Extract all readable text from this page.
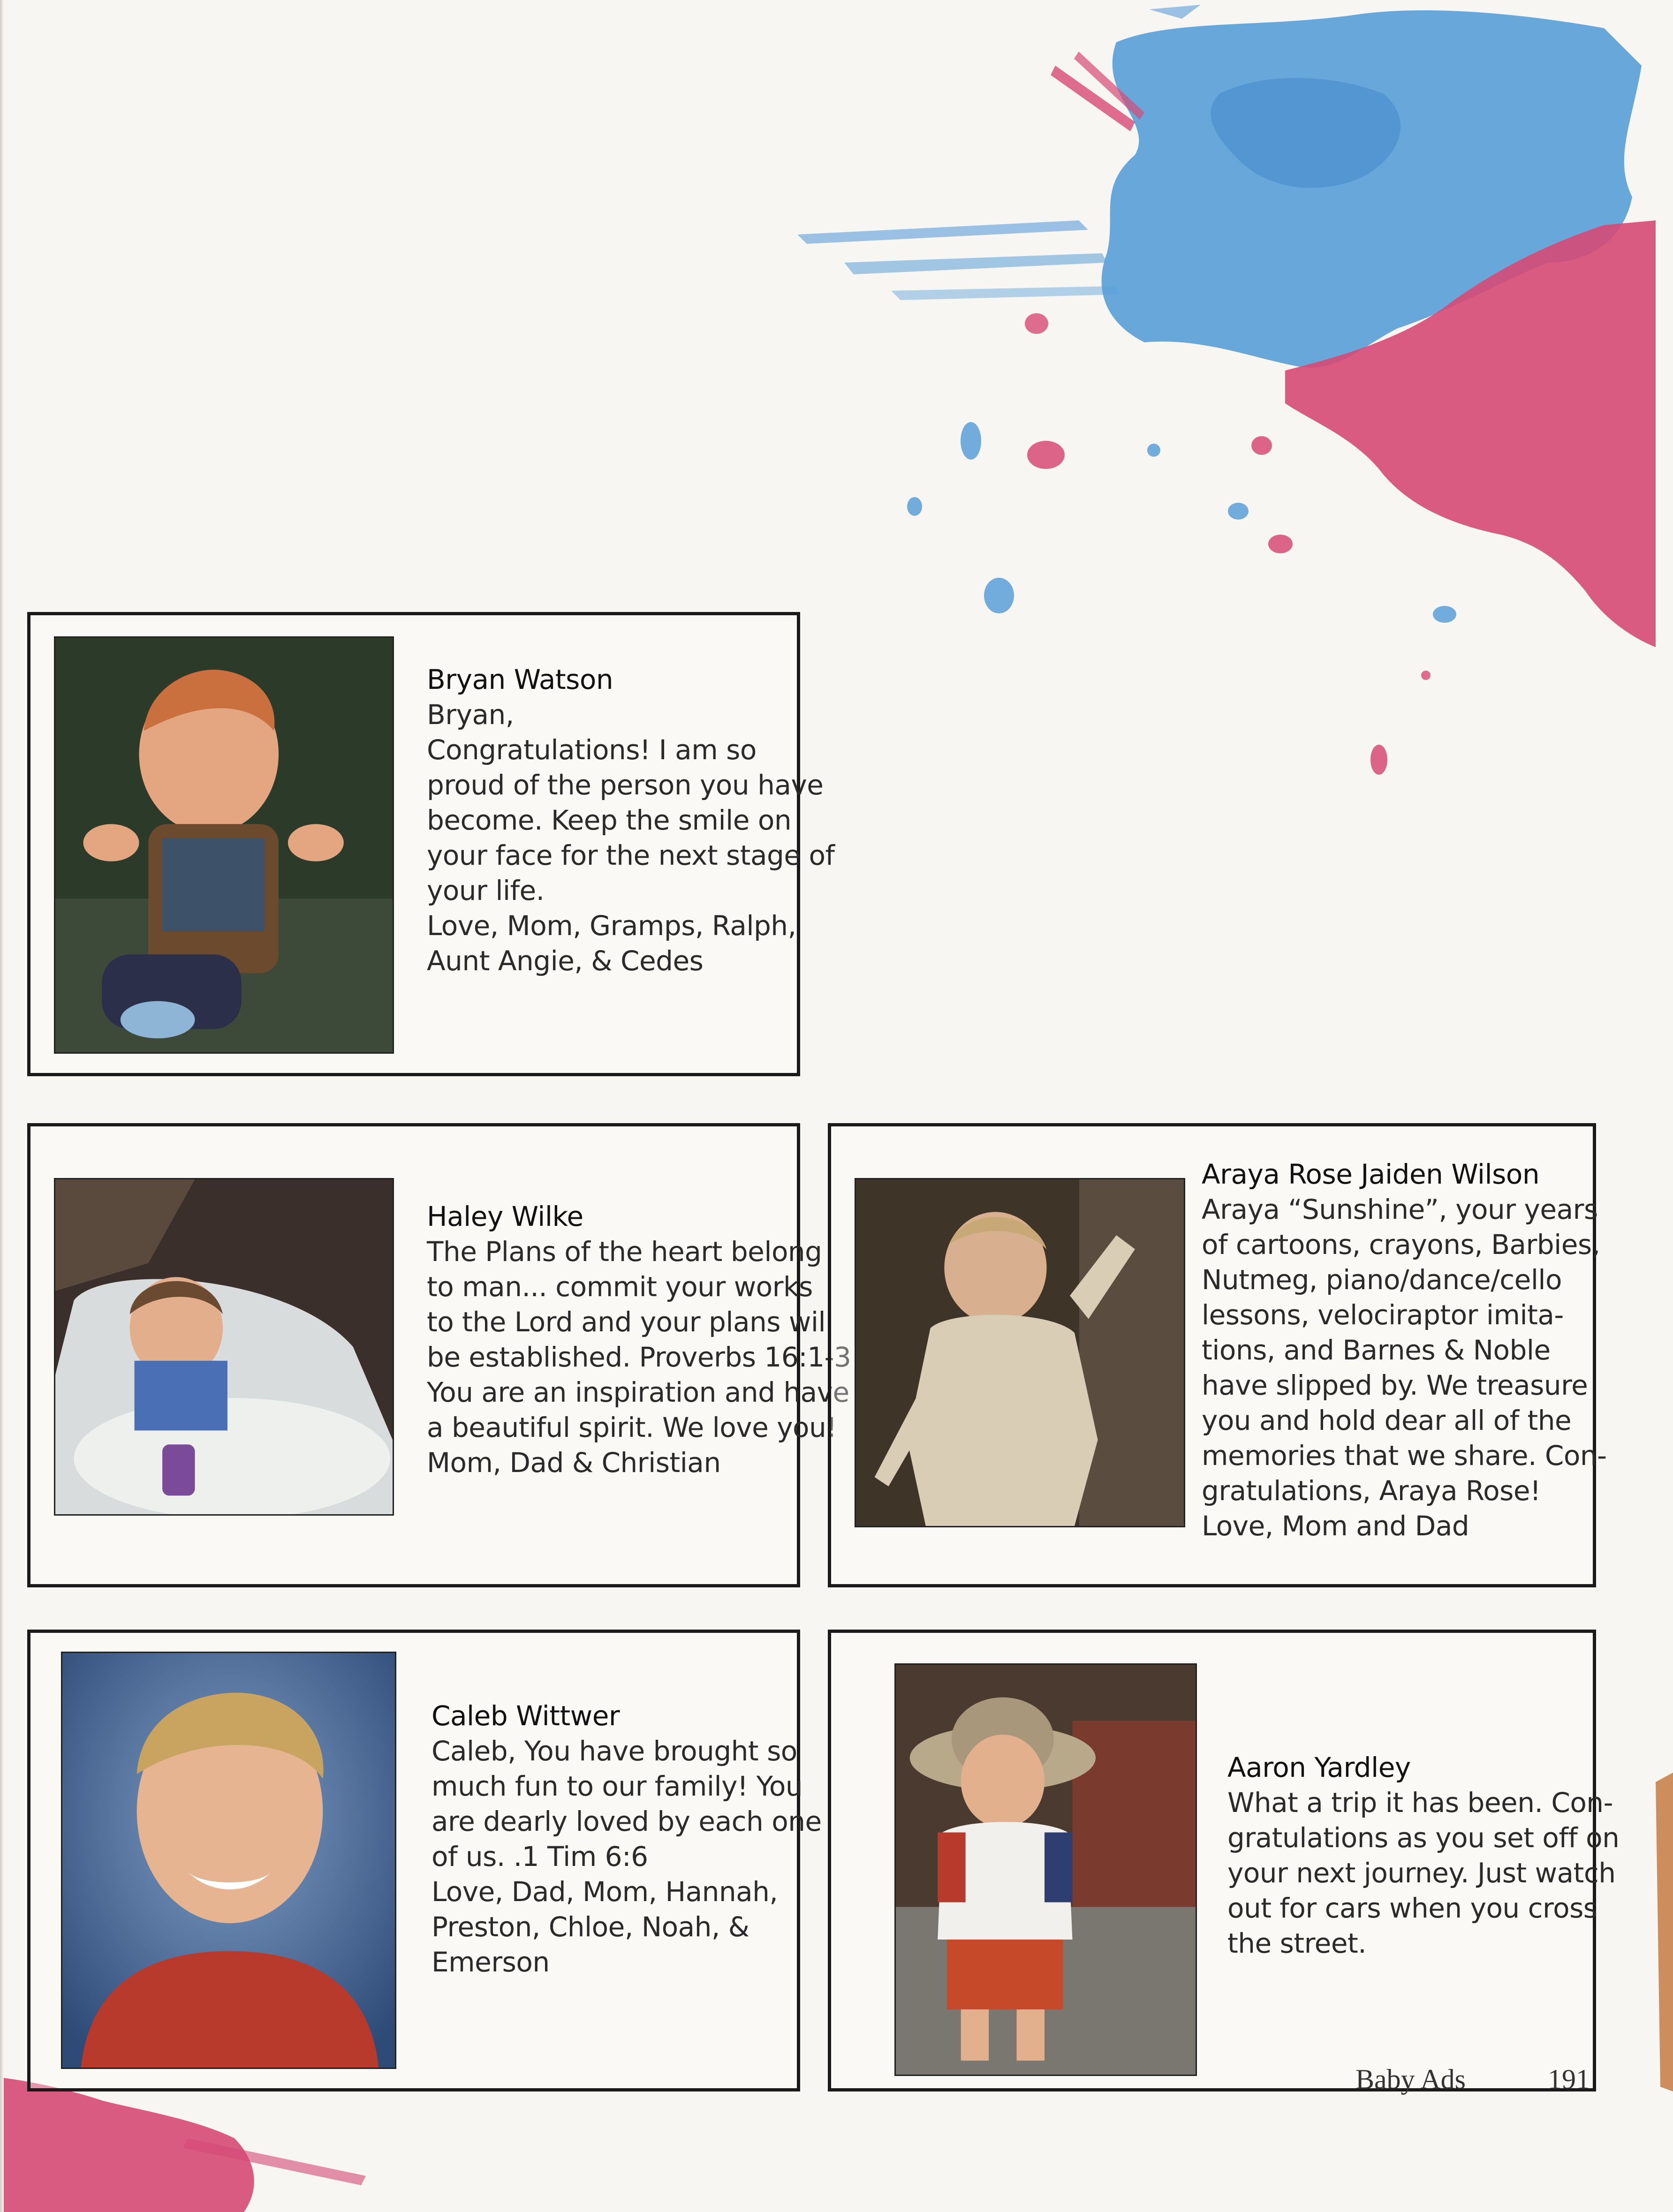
Bryan Watson
Bryan,
Congratulations! I am so
proud of the person you have
become. Keep the smile on
your face for the next stage of
your life.
Love, Mom, Gramps, Ralph,
Aunt Angie, & Cedes
Haley Wilke
The Plans of the heart belong
to man... commit your works
to the Lord and your plans will
be established. Proverbs 16:1-3
You are an inspiration and have
a beautiful spirit. We love you!
Mom, Dad & Christian
Araya Rose Jaiden Wilson
Araya “Sunshine”, your years
of cartoons, crayons, Barbies,
Nutmeg, piano/dance/cello
lessons, velociraptor imita-
tions, and Barnes & Noble
have slipped by. We treasure
you and hold dear all of the
memories that we share. Con-
gratulations, Araya Rose!
Love, Mom and Dad
Caleb Wittwer
Caleb, You have brought so
much fun to our family! You
are dearly loved by each one
of us. .1 Tim 6:6
Love, Dad, Mom, Hannah,
Preston, Chloe, Noah, &
Emerson
Aaron Yardley
What a trip it has been. Con-
gratulations as you set off on
your next journey. Just watch
out for cars when you cross
the street.
Baby Ads	191
